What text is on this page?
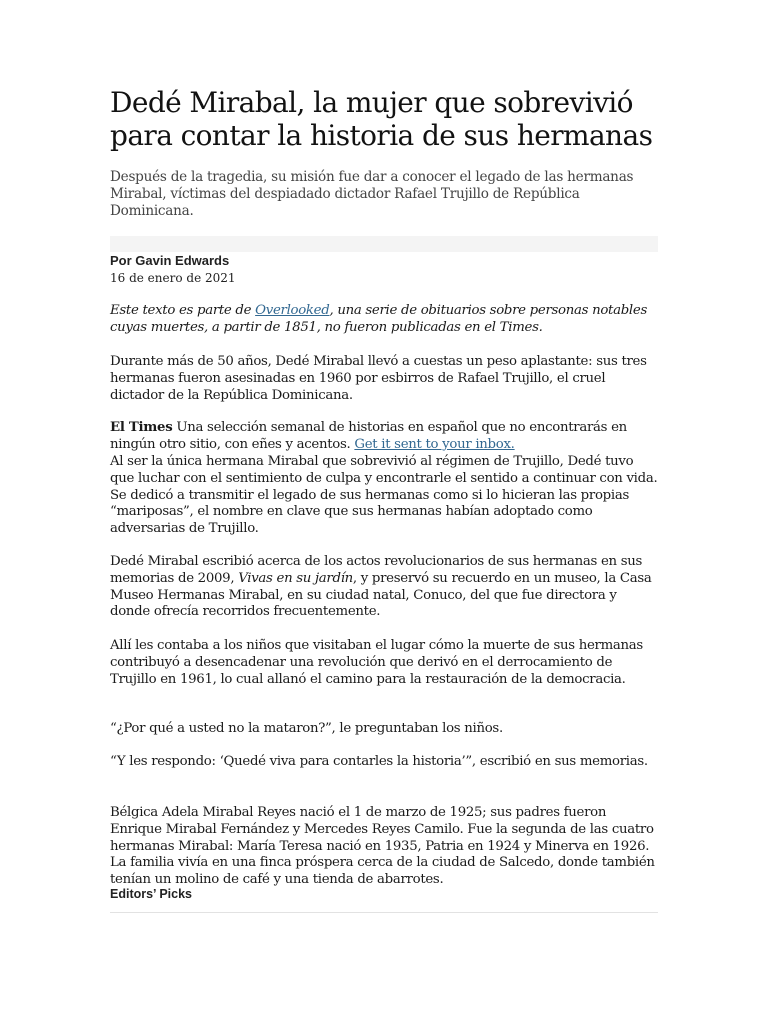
Dedé Mirabal, la mujer que sobrevivió para contar la historia de sus hermanas

Después de la tragedia, su misión fue dar a conocer el legado de las hermanas Mirabal, víctimas del despiadado dictador Rafael Trujillo de República Dominicana.

Por Gavin Edwards

16 de enero de 2021

Este texto es parte de Overlooked, una serie de obituarios sobre personas notables cuyas muertes, a partir de 1851, no fueron publicadas en el Times.

Durante más de 50 años, Dedé Mirabal llevó a cuestas un peso aplastante: sus tres hermanas fueron asesinadas en 1960 por esbirros de Rafael Trujillo, el cruel dictador de la República Dominicana.

El Times Una selección semanal de historias en español que no encontrarás en ningún otro sitio, con eñes y acentos. Get it sent to your inbox.

Al ser la única hermana Mirabal que sobrevivió al régimen de Trujillo, Dedé tuvo que luchar con el sentimiento de culpa y encontrarle el sentido a continuar con vida. Se dedicó a transmitir el legado de sus hermanas como si lo hicieran las propias “mariposas”, el nombre en clave que sus hermanas habían adoptado como adversarias de Trujillo.

Dedé Mirabal escribió acerca de los actos revolucionarios de sus hermanas en sus memorias de 2009, Vivas en su jardín, y preservó su recuerdo en un museo, la Casa Museo Hermanas Mirabal, en su ciudad natal, Conuco, del que fue directora y donde ofrecía recorridos frecuentemente.

Allí les contaba a los niños que visitaban el lugar cómo la muerte de sus hermanas contribuyó a desencadenar una revolución que derivó en el derrocamiento de Trujillo en 1961, lo cual allanó el camino para la restauración de la democracia.

“¿Por qué a usted no la mataron?”, le preguntaban los niños.

“Y les respondo: ‘Quedé viva para contarles la historia’”, escribió en sus memorias.

Bélgica Adela Mirabal Reyes nació el 1 de marzo de 1925; sus padres fueron Enrique Mirabal Fernández y Mercedes Reyes Camilo. Fue la segunda de las cuatro hermanas Mirabal: María Teresa nació en 1935, Patria en 1924 y Minerva en 1926. La familia vivía en una finca próspera cerca de la ciudad de Salcedo, donde también tenían un molino de café y una tienda de abarrotes.

Editors’ Picks
